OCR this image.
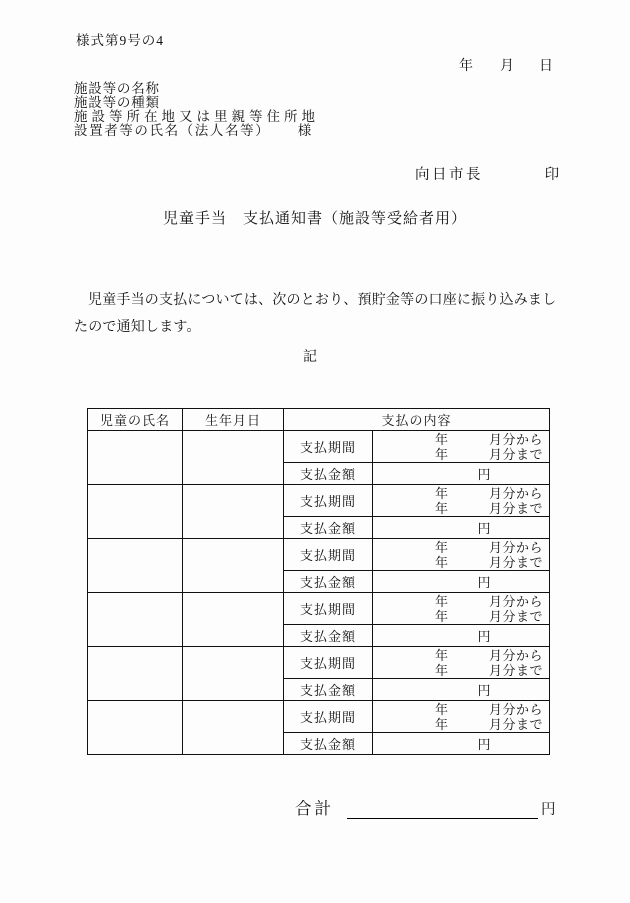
様式第9号の4
年 月 日
施設等の名称
施設等の種類
施設等所在地又は里親等住所地
設置者等の氏名（法人名等） 様
向日市長	印
児童手当　支払通知書（施設等受給者用）
児童手当の支払については、次のとおり、預貯金等の口座に振り込みましたので通知します。
記
児童の氏名	生年月日	支払の内容	
		支払期間	年　　　月分から
年　　　月分まで
		支払金額	円
		支払期間	年　　　月分から
年　　　月分まで
		支払金額	円
		支払期間	年　　　月分から
年　　　月分まで
		支払金額	円
		支払期間	年　　　月分から
年　　　月分まで
		支払金額	円
		支払期間	年　　　月分から
年　　　月分まで
		支払金額	円
		支払期間	年　　　月分から
年　　　月分まで
		支払金額	円
合計	円
